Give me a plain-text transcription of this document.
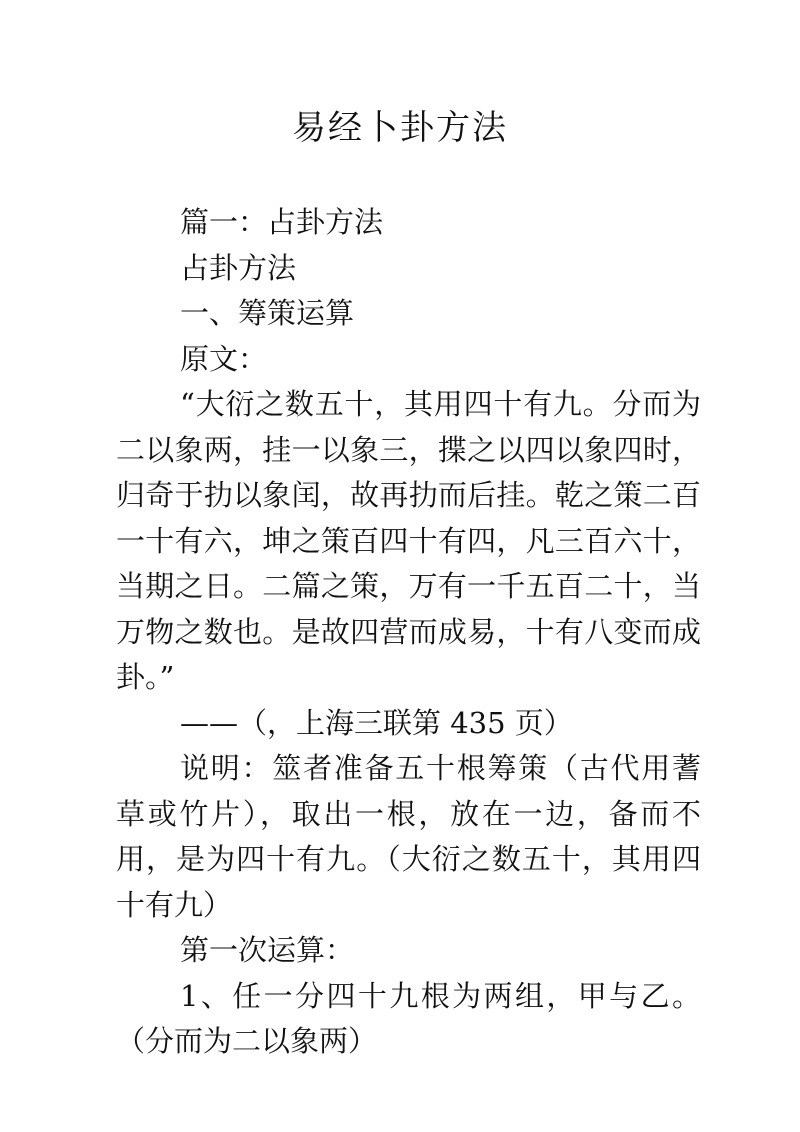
易经卜卦方法

篇一：占卦方法

占卦方法

一、筹策运算

原文：

“大衍之数五十，其用四十有九。分而为二以象两，挂一以象三，揲之以四以象四时，归奇于扐以象闰，故再扐而后挂。乾之策二百一十有六，坤之策百四十有四，凡三百六十，当期之日。二篇之策，万有一千五百二十，当万物之数也。是故四营而成易，十有八变而成卦。”

——（，上海三联第 435 页）

说明：筮者准备五十根筹策（古代用蓍草或竹片），取出一根，放在一边，备而不用，是为四十有九。（大衍之数五十，其用四十有九）

第一次运算：

1、任一分四十九根为两组，甲与乙。（分而为二以象两）
